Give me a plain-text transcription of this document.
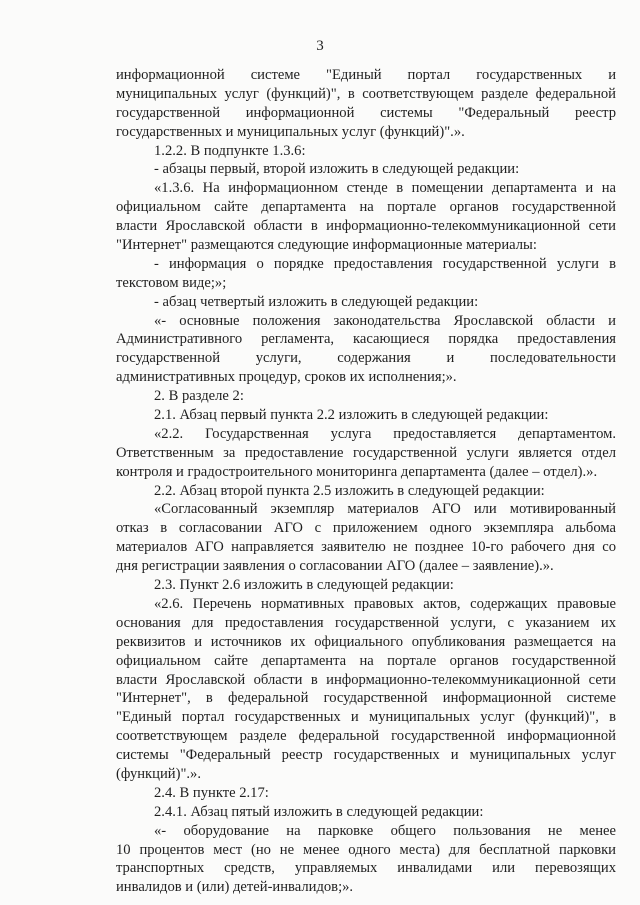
3
информационной системе "Единый портал государственных и
муниципальных услуг (функций)", в соответствующем разделе федеральной
государственной информационной системы "Федеральный реестр
государственных и муниципальных услуг (функций)".».
1.2.2. В подпункте 1.3.6:
- абзацы первый, второй изложить в следующей редакции:
«1.3.6. На информационном стенде в помещении департамента и на
официальном сайте департамента на портале органов государственной
власти Ярославской области в информационно-телекоммуникационной сети
"Интернет" размещаются следующие информационные материалы:
- информация о порядке предоставления государственной услуги в
текстовом виде;»;
- абзац четвертый изложить в следующей редакции:
«- основные положения законодательства Ярославской области и
Административного регламента, касающиеся порядка предоставления
государственной услуги, содержания и последовательности
административных процедур, сроков их исполнения;».
2. В разделе 2:
2.1. Абзац первый пункта 2.2 изложить в следующей редакции:
«2.2. Государственная услуга предоставляется департаментом.
Ответственным за предоставление государственной услуги является отдел
контроля и градостроительного мониторинга департамента (далее – отдел).».
2.2. Абзац второй пункта 2.5 изложить в следующей редакции:
«Согласованный экземпляр материалов АГО или мотивированный
отказ в согласовании АГО с приложением одного экземпляра альбома
материалов АГО направляется заявителю не позднее 10-го рабочего дня со
дня регистрации заявления о согласовании АГО (далее – заявление).».
2.3. Пункт 2.6 изложить в следующей редакции:
«2.6. Перечень нормативных правовых актов, содержащих правовые
основания для предоставления государственной услуги, с указанием их
реквизитов и источников их официального опубликования размещается на
официальном сайте департамента на портале органов государственной
власти Ярославской области в информационно-телекоммуникационной сети
"Интернет", в федеральной государственной информационной системе
"Единый портал государственных и муниципальных услуг (функций)", в
соответствующем разделе федеральной государственной информационной
системы "Федеральный реестр государственных и муниципальных услуг
(функций)".».
2.4. В пункте 2.17:
2.4.1. Абзац пятый изложить в следующей редакции:
«- оборудование на парковке общего пользования не менее
10 процентов мест (но не менее одного места) для бесплатной парковки
транспортных средств, управляемых инвалидами или перевозящих
инвалидов и (или) детей-инвалидов;».
